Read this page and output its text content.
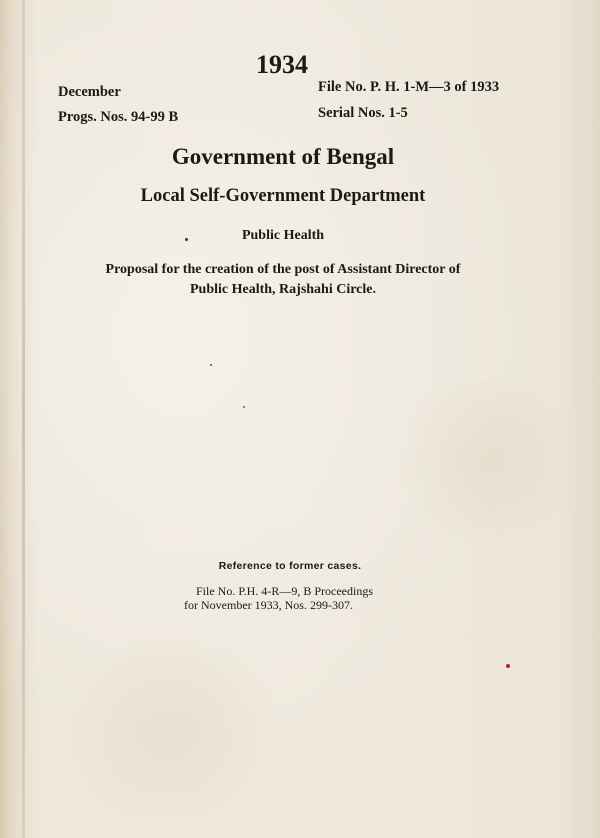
1934
December
Progs. Nos. 94-99 B
File No. P. H. 1-M—3 of 1933
Serial Nos. 1-5
Government of Bengal
Local Self-Government Department
Public Health
Proposal for the creation of the post of Assistant Director of
Public Health, Rajshahi Circle.
Reference to former cases.
File No. P.H. 4-R—9, B Proceedings
for November 1933, Nos. 299-307.
